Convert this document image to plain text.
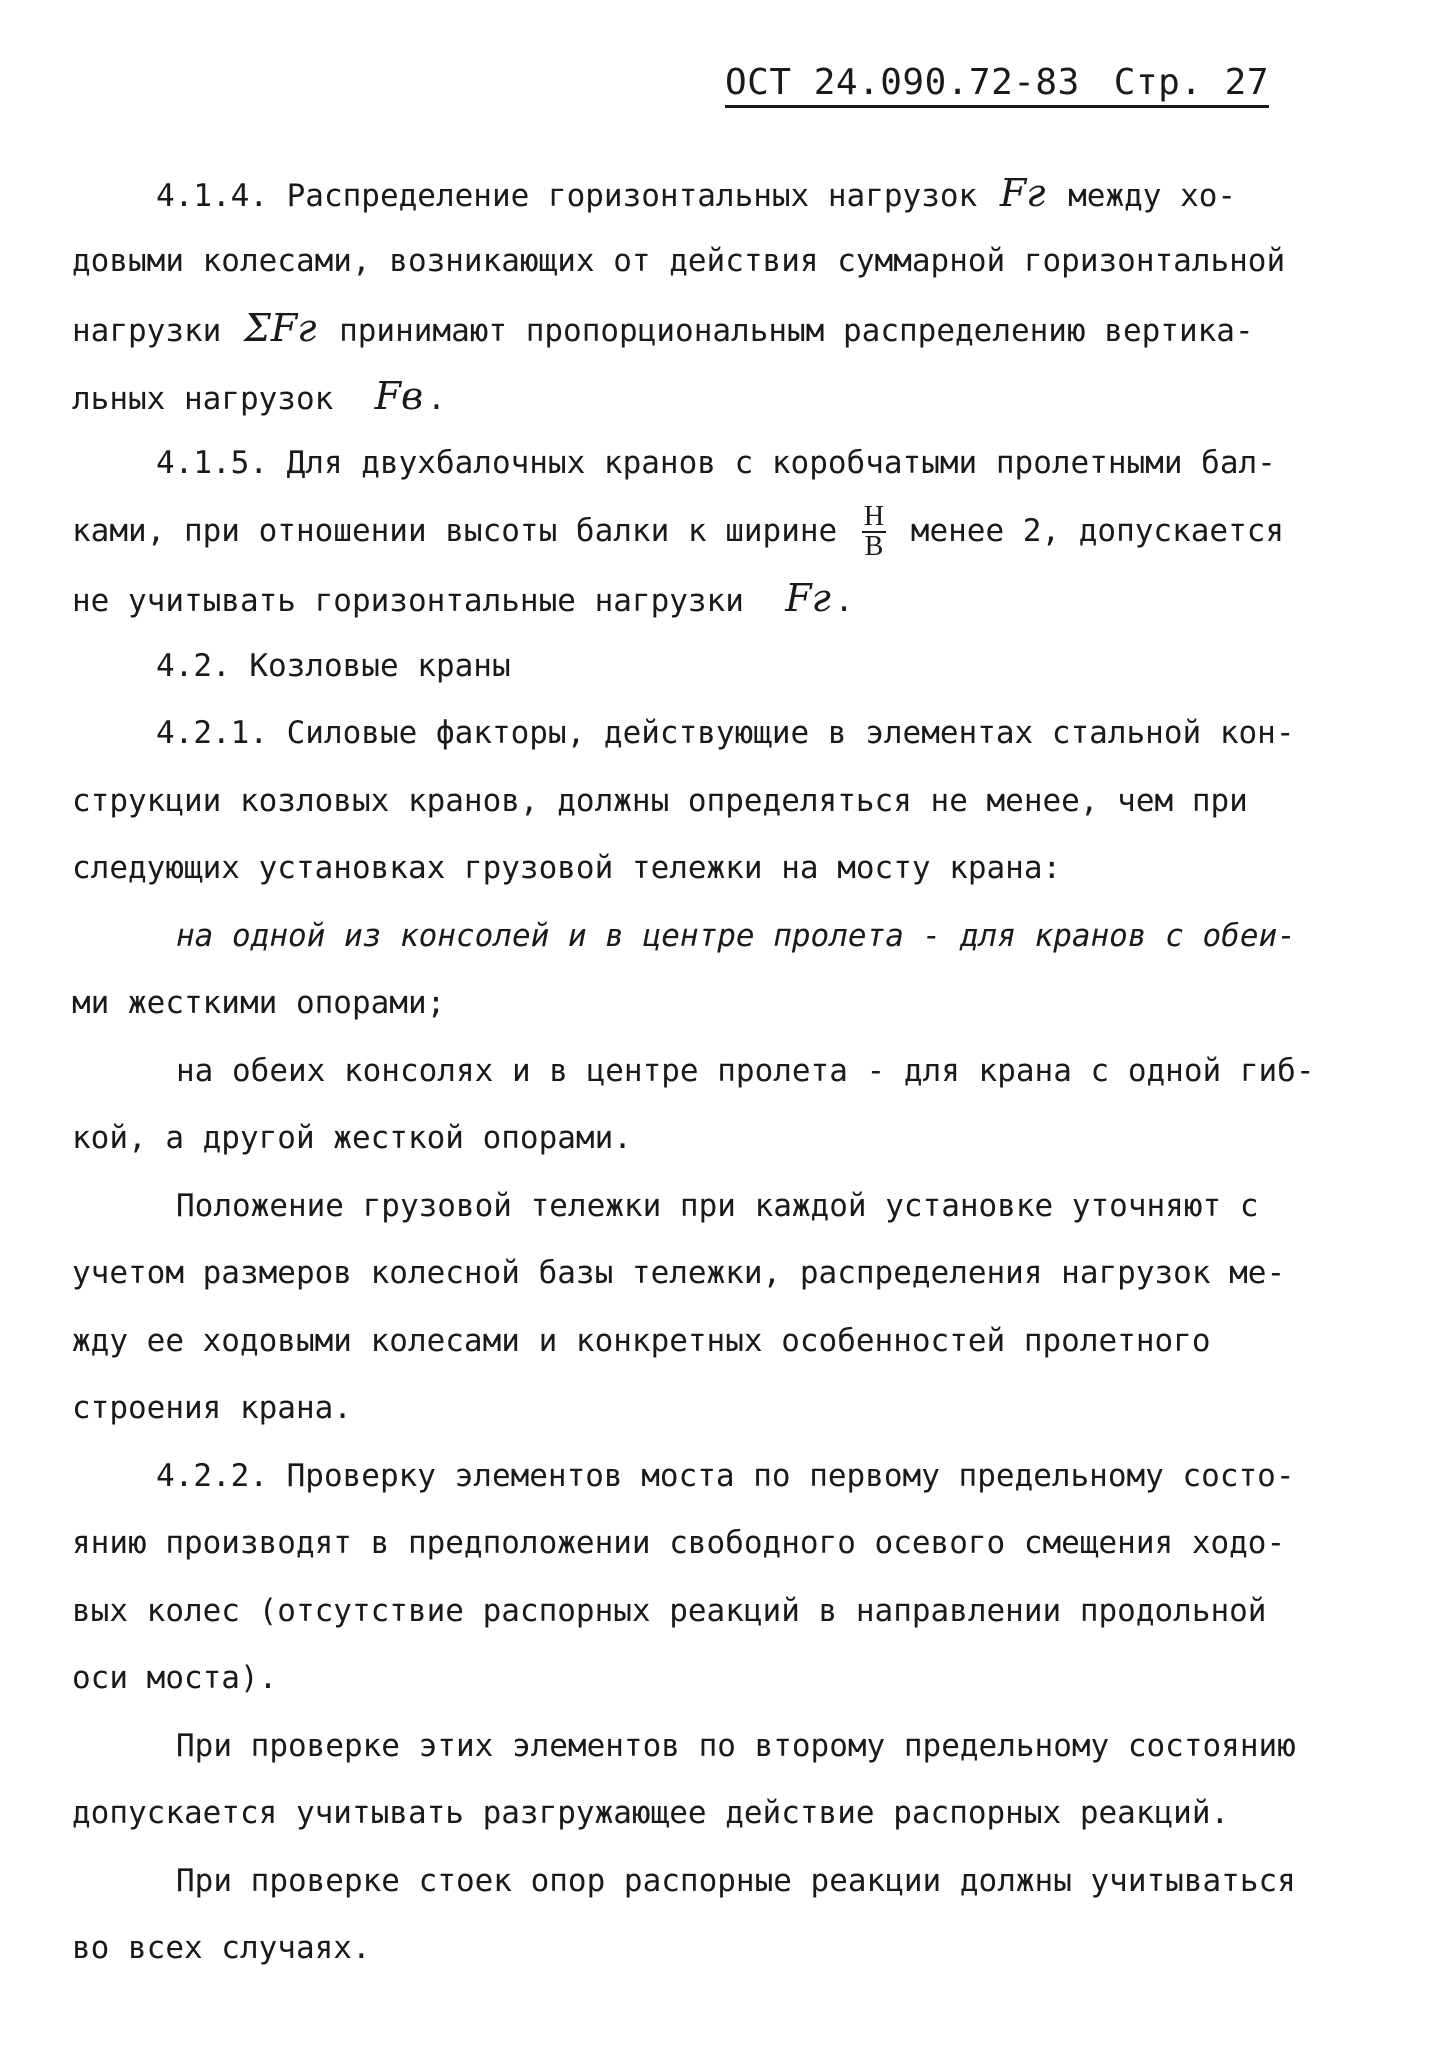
ОСТ 24.090.72-83 Стр. 27
4.1.4. Распределение горизонтальных нагрузок Fг между хо-
довыми колесами, возникающих от действия суммарной горизонтальной
нагрузки ΣFг принимают пропорциональным распределению вертика-
льных нагрузок Fв .
4.1.5. Для двухбалочных кранов с коробчатыми пролетными бал-
ками, при отношении высоты балки к ширине $\frac{Н}{В}$ менее 2, допускается
не учитывать горизонтальные нагрузки Fг .
4.2. Козловые краны
4.2.1. Силовые факторы, действующие в элементах стальной кон-
струкции козловых кранов, должны определяться не менее, чем при
следующих установках грузовой тележки на мосту крана:
на одной из консолей и в центре пролета - для кранов с обеи-
ми жесткими опорами;
на обеих консолях и в центре пролета - для крана с одной гиб-
кой, а другой жесткой опорами.
Положение грузовой тележки при каждой установке уточняют с
учетом размеров колесной базы тележки, распределения нагрузок ме-
жду ее ходовыми колесами и конкретных особенностей пролетного
строения крана.
4.2.2. Проверку элементов моста по первому предельному состо-
янию производят в предположении свободного осевого смещения ходо-
вых колес (отсутствие распорных реакций в направлении продольной
оси моста).
При проверке этих элементов по второму предельному состоянию
допускается учитывать разгружающее действие распорных реакций.
При проверке стоек опор распорные реакции должны учитываться
во всех случаях.
